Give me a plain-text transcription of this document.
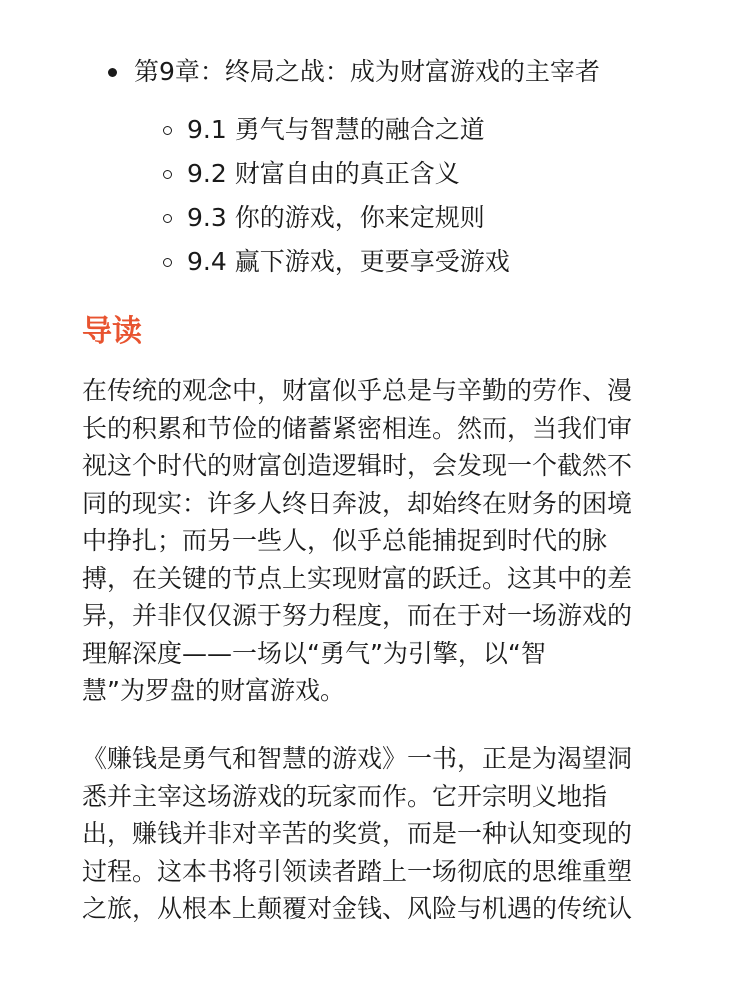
第9章：终局之战：成为财富游戏的主宰者
9.1 勇气与智慧的融合之道
9.2 财富自由的真正含义
9.3 你的游戏，你来定规则
9.4 赢下游戏，更要享受游戏
导读

在传统的观念中，财富似乎总是与辛勤的劳作、漫
长的积累和节俭的储蓄紧密相连。然而，当我们审
视这个时代的财富创造逻辑时，会发现一个截然不
同的现实：许多人终日奔波，却始终在财务的困境
中挣扎；而另一些人，似乎总能捕捉到时代的脉
搏，在关键的节点上实现财富的跃迁。这其中的差
异，并非仅仅源于努力程度，而在于对一场游戏的
理解深度——一场以“勇气”为引擎，以“智
慧”为罗盘的财富游戏。

《赚钱是勇气和智慧的游戏》一书，正是为渴望洞
悉并主宰这场游戏的玩家而作。它开宗明义地指
出，赚钱并非对辛苦的奖赏，而是一种认知变现的
过程。这本书将引领读者踏上一场彻底的思维重塑
之旅，从根本上颠覆对金钱、风险与机遇的传统认
